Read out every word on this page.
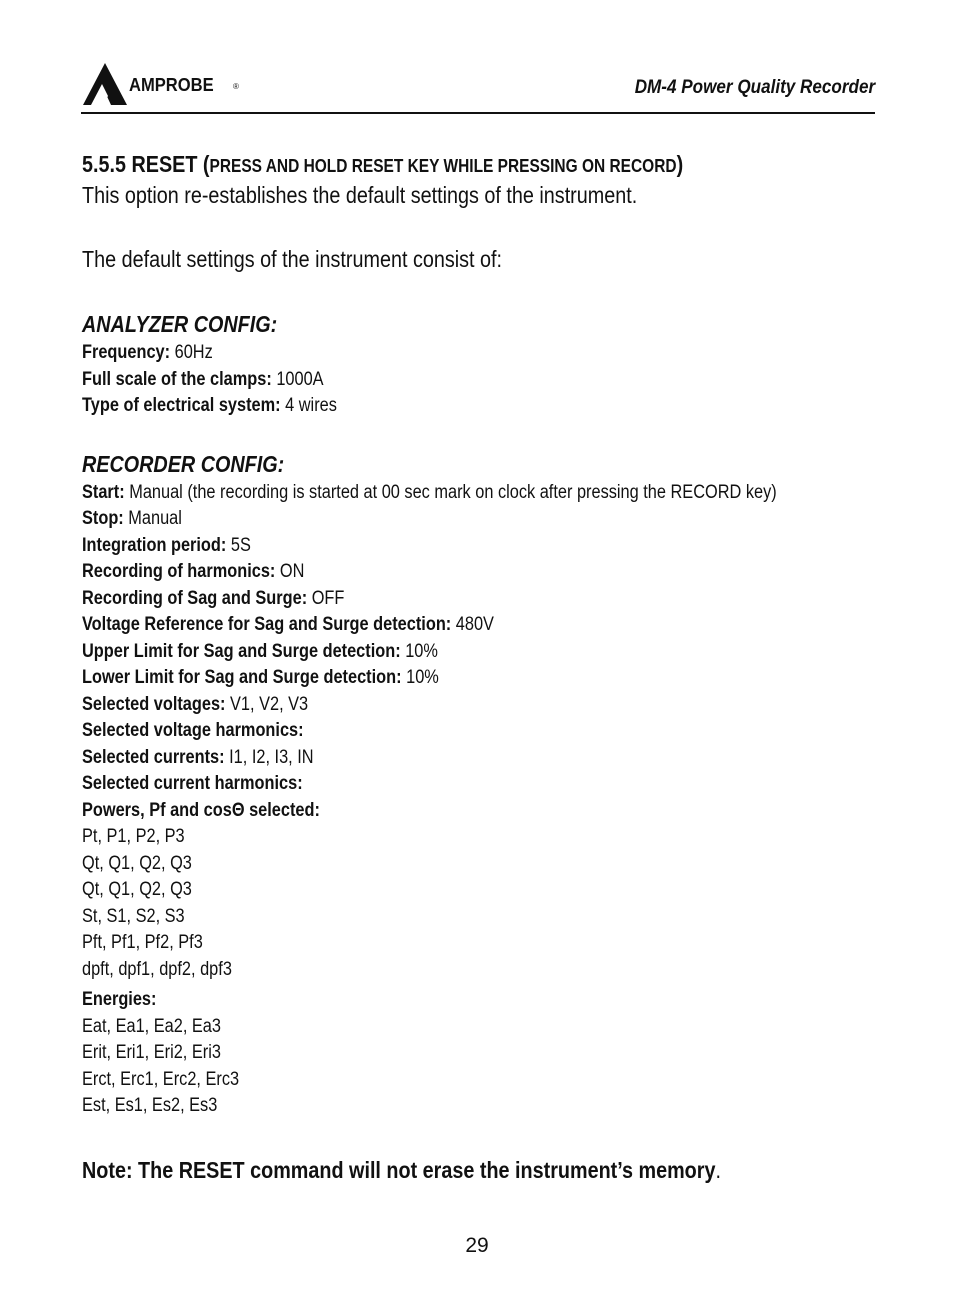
AMPROBE ®	DM-4 Power Quality Recorder
5.5.5 RESET (PRESS AND HOLD RESET KEY WHILE PRESSING ON RECORD)
This option re-establishes the default settings of the instrument.
The default settings of the instrument consist of:
ANALYZER CONFIG:
Frequency: 60Hz
Full scale of the clamps: 1000A
Type of electrical system: 4 wires
RECORDER CONFIG:
Start: Manual (the recording is started at 00 sec mark on clock after pressing the RECORD key)
Stop: Manual
Integration period: 5S
Recording of harmonics: ON
Recording of Sag and Surge: OFF
Voltage Reference for Sag and Surge detection: 480V
Upper Limit for Sag and Surge detection: 10%
Lower Limit for Sag and Surge detection: 10%
Selected voltages: V1, V2, V3
Selected voltage harmonics:
Selected currents: I1, I2, I3, IN
Selected current harmonics:
Powers, Pf and cosΘ selected:
Pt, P1, P2, P3
Qt, Q1, Q2, Q3
Qt, Q1, Q2, Q3
St, S1, S2, S3
Pft, Pf1, Pf2, Pf3
dpft, dpf1, dpf2, dpf3
Energies:
Eat, Ea1, Ea2, Ea3
Erit, Eri1, Eri2, Eri3
Erct, Erc1, Erc2, Erc3
Est, Es1, Es2, Es3
Note: The RESET command will not erase the instrument’s memory.
29
